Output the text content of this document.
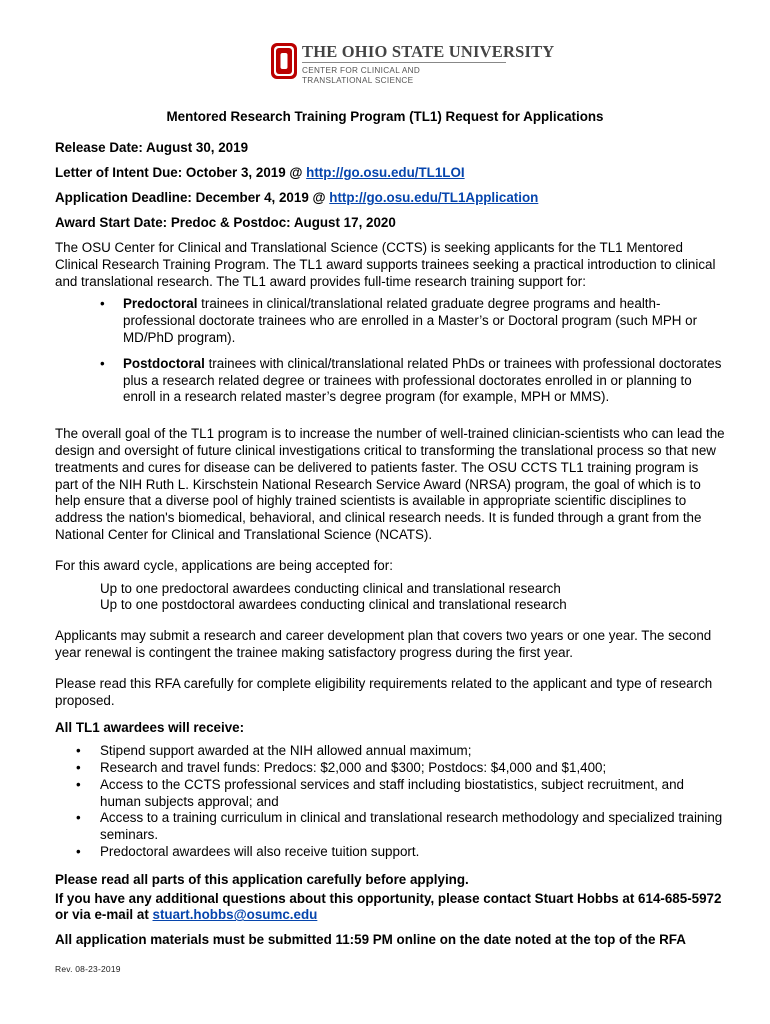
THE OHIO STATE UNIVERSITY
CENTER FOR CLINICAL AND
TRANSLATIONAL SCIENCE
Mentored Research Training Program (TL1) Request for Applications
Release Date: August 30, 2019
Letter of Intent Due: October 3, 2019 @ http://go.osu.edu/TL1LOI
Application Deadline: December 4, 2019 @ http://go.osu.edu/TL1Application
Award Start Date: Predoc & Postdoc: August 17, 2020

The OSU Center for Clinical and Translational Science (CCTS) is seeking applicants for the TL1 Mentored Clinical Research Training Program. The TL1 award supports trainees seeking a practical introduction to clinical and translational research. The TL1 award provides full-time research training support for:

• Predoctoral trainees in clinical/translational related graduate degree programs and health-professional doctorate trainees who are enrolled in a Master’s or Doctoral program (such MPH or MD/PhD program).
• Postdoctoral trainees with clinical/translational related PhDs or trainees with professional doctorates plus a research related degree or trainees with professional doctorates enrolled in or planning to enroll in a research related master’s degree program (for example, MPH or MMS).

The overall goal of the TL1 program is to increase the number of well-trained clinician-scientists who can lead the design and oversight of future clinical investigations critical to transforming the translational process so that new treatments and cures for disease can be delivered to patients faster. The OSU CCTS TL1 training program is part of the NIH Ruth L. Kirschstein National Research Service Award (NRSA) program, the goal of which is to help ensure that a diverse pool of highly trained scientists is available in appropriate scientific disciplines to address the nation's biomedical, behavioral, and clinical research needs. It is funded through a grant from the National Center for Clinical and Translational Science (NCATS).

For this award cycle, applications are being accepted for:

Up to one predoctoral awardees conducting clinical and translational research
Up to one postdoctoral awardees conducting clinical and translational research

Applicants may submit a research and career development plan that covers two years or one year. The second year renewal is contingent the trainee making satisfactory progress during the first year.

Please read this RFA carefully for complete eligibility requirements related to the applicant and type of research proposed.

All TL1 awardees will receive:

• Stipend support awarded at the NIH allowed annual maximum;
• Research and travel funds: Predocs: $2,000 and $300; Postdocs: $4,000 and $1,400;
• Access to the CCTS professional services and staff including biostatistics, subject recruitment, and human subjects approval; and
• Access to a training curriculum in clinical and translational research methodology and specialized training seminars.
• Predoctoral awardees will also receive tuition support.

Please read all parts of this application carefully before applying.

If you have any additional questions about this opportunity, please contact Stuart Hobbs at 614-685-5972 or via e-mail at stuart.hobbs@osumc.edu

All application materials must be submitted 11:59 PM online on the date noted at the top of the RFA

Rev. 08-23-2019
